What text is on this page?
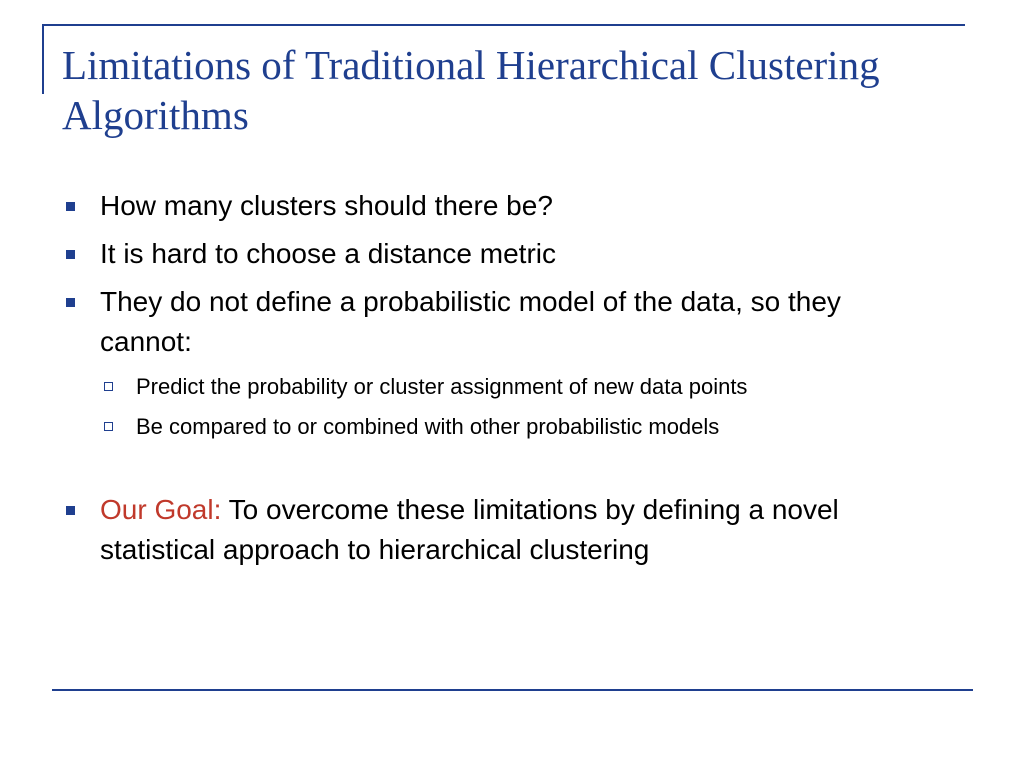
Limitations of Traditional Hierarchical Clustering Algorithms
How many clusters should there be?
It is hard to choose a distance metric
They do not define a probabilistic model of the data, so they cannot:
Predict the probability or cluster assignment of new data points
Be compared to or combined with other probabilistic models
Our Goal: To overcome these limitations by defining a novel statistical approach to hierarchical clustering
